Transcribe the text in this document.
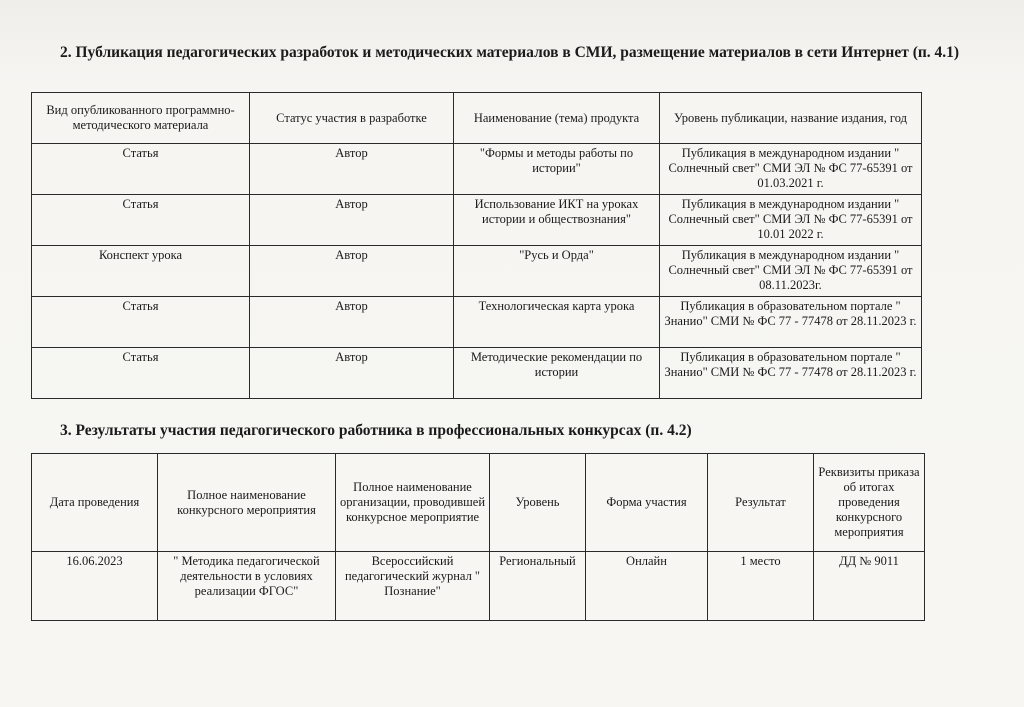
2. Публикация педагогических разработок и методических материалов в СМИ, размещение материалов в сети Интернет (п. 4.1)
Вид опубликованного программно-методического материала	Статус участия в разработке	Наименование (тема) продукта	Уровень публикации, название издания, год
Статья	Автор	"Формы и методы работы по истории"	Публикация в международном издании " Солнечный свет" СМИ ЭЛ № ФС 77-65391 от 01.03.2021 г.
Статья	Автор	Использование ИКТ на уроках истории и обществознания"	Публикация в международном издании " Солнечный свет" СМИ ЭЛ № ФС 77-65391 от 10.01 2022 г.
Конспект урока	Автор	"Русь и Орда"	Публикация в международном издании " Солнечный свет" СМИ ЭЛ № ФС 77-65391 от 08.11.2023г.
Статья	Автор	Технологическая карта урока	Публикация в образовательном портале " Знанио" СМИ № ФС 77 - 77478 от 28.11.2023 г.
Статья	Автор	Методические рекомендации по истории	Публикация в образовательном портале " Знанио" СМИ № ФС 77 - 77478 от 28.11.2023 г.
3. Результаты участия педагогического работника в профессиональных конкурсах (п. 4.2)
Дата проведения	Полное наименование конкурсного мероприятия	Полное наименование организации, проводившей конкурсное мероприятие	Уровень	Форма участия	Результат	Реквизиты приказа об итогах проведения конкурсного мероприятия
16.06.2023	" Методика педагогической деятельности в условиях реализации ФГОС"	Всероссийский педагогический журнал " Познание"	Региональный	Онлайн	1 место	ДД № 9011
